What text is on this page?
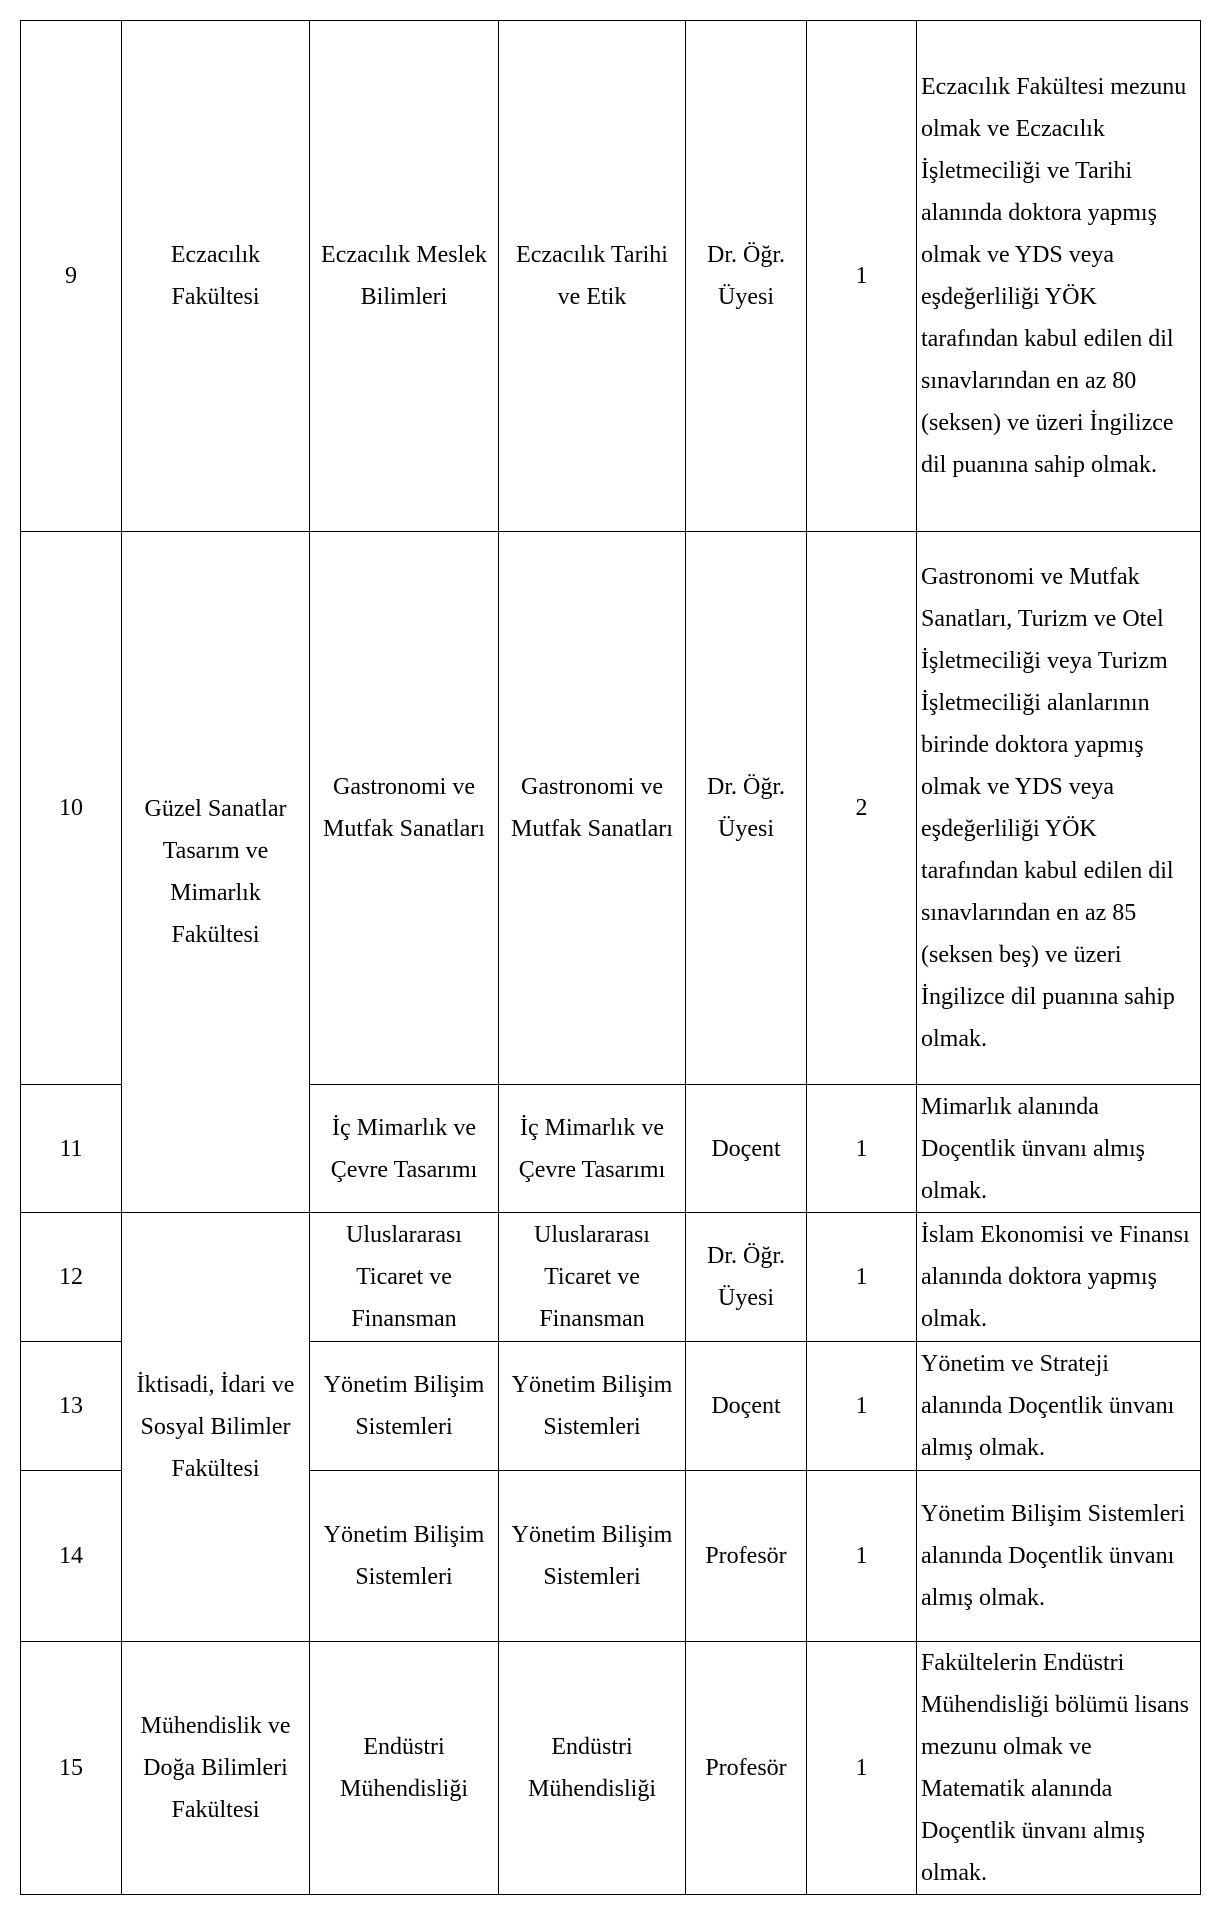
9	Eczacılık Fakültesi	Eczacılık Meslek Bilimleri	Eczacılık Tarihi ve Etik	Dr. Öğr. Üyesi	1	Eczacılık Fakültesi mezunu olmak ve Eczacılık İşletmeciliği ve Tarihi alanında doktora yapmış olmak ve YDS veya eşdeğerliliği YÖK tarafından kabul edilen dil sınavlarından en az 80 (seksen) ve üzeri İngilizce dil puanına sahip olmak.
10	Güzel Sanatlar Tasarım ve Mimarlık Fakültesi	Gastronomi ve Mutfak Sanatları	Gastronomi ve Mutfak Sanatları	Dr. Öğr. Üyesi	2	Gastronomi ve Mutfak Sanatları, Turizm ve Otel İşletmeciliği veya Turizm İşletmeciliği alanlarının birinde doktora yapmış olmak ve YDS veya eşdeğerliliği YÖK tarafından kabul edilen dil sınavlarından en az 85 (seksen beş) ve üzeri İngilizce dil puanına sahip olmak.
11		İç Mimarlık ve Çevre Tasarımı	İç Mimarlık ve Çevre Tasarımı	Doçent	1	Mimarlık alanında Doçentlik ünvanı almış olmak.
12	İktisadi, İdari ve Sosyal Bilimler Fakültesi	Uluslararası Ticaret ve Finansman	Uluslararası Ticaret ve Finansman	Dr. Öğr. Üyesi	1	İslam Ekonomisi ve Finansı alanında doktora yapmış olmak.
13		Yönetim Bilişim Sistemleri	Yönetim Bilişim Sistemleri	Doçent	1	Yönetim ve Strateji alanında Doçentlik ünvanı almış olmak.
14		Yönetim Bilişim Sistemleri	Yönetim Bilişim Sistemleri	Profesör	1	Yönetim Bilişim Sistemleri alanında Doçentlik ünvanı almış olmak.
15	Mühendislik ve Doğa Bilimleri Fakültesi	Endüstri Mühendisliği	Endüstri Mühendisliği	Profesör	1	Fakültelerin Endüstri Mühendisliği bölümü lisans mezunu olmak ve Matematik alanında Doçentlik ünvanı almış olmak.
